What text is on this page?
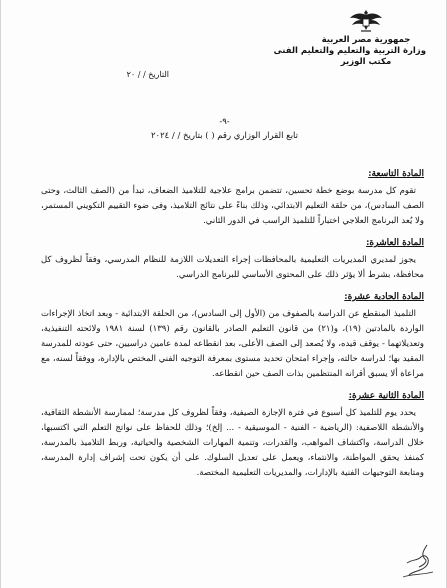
جمهورية مصر العربية
وزارة التربية والتعليم والتعليم الفنى
مكتب الوزير
التاريخ / / ٢٠
-٩-
تابع القرار الوزاري رقم ( ) بتاريخ / / ٢٠٢٤
المادة التاسعة:
تقوم كل مدرسة بوضع خطة تحسين، تتضمن برامج علاجية للتلاميذ الضعاف، تبدأ من (الصف الثالث، وحتى الصف السادس)، من حلقة التعليم الابتدائي، وذلك بناءً على نتائج التلاميذ، وفى ضوء التقييم التكويني المستمر، ولا يُعد البرنامج العلاجي اختباراً للتلميذ الراسب في الدور الثاني.
المادة العاشرة:
يجوز لمديري المديريات التعليمية بالمحافظات إجراء التعديلات اللازمة للنظام المدرسي، وفقاً لظروف كل محافظة، بشرط ألا يؤثر ذلك على المحتوى الأساسي للبرنامج الدراسي.
المادة الحادية عشرة:
التلميذ المنقطع عن الدراسة بالصفوف من (الأول إلى السادس)، من الحلقة الابتدائية - وبعد اتخاذ الإجراءات الواردة بالمادتين (١٩)، و(٢١) من قانون التعليم الصادر بالقانون رقم (١٣٩) لسنة ١٩٨١ ولائحته التنفيذية، وتعديلاتهما - يوقف قيده، ولا يُصعد إلى الصف الأعلى، بعد انقطاعه لمدة عامين دراسيين، حتى عودته للمدرسة المقيد بها؛ لدراسة حالته، وإجراء امتحان تحديد مستوى بمعرفة التوجيه الفني المختص بالإدارة، ووفقاً لسنه، مع مراعاة ألا يسبق أقرانه المنتظمين بذات الصف حين انقطاعه.
المادة الثانية عشرة:
يحدد يوم للتلميذ كل أسبوع في فترة الإجازة الصيفية، وفقاً لظروف كل مدرسة؛ لممارسة الأنشطة الثقافية، والأنشطة اللاصفية: (الرياضية - الفنية - الموسيقية - ... إلخ)؛ وذلك للحفاظ على نواتج التعلم التي اكتسبها، خلال الدراسة، واكتشاف المواهب، والقدرات، وتنمية المهارات الشخصية والحياتية، وربط التلاميذ بالمدرسة، كمنفذ يحقق المواطنة، والانتماء، ويعمل على تعديل السلوك. على أن يكون تحت إشراف إدارة المدرسة، ومتابعة التوجيهات الفنية بالإدارات، والمديريات التعليمية المختصة.
